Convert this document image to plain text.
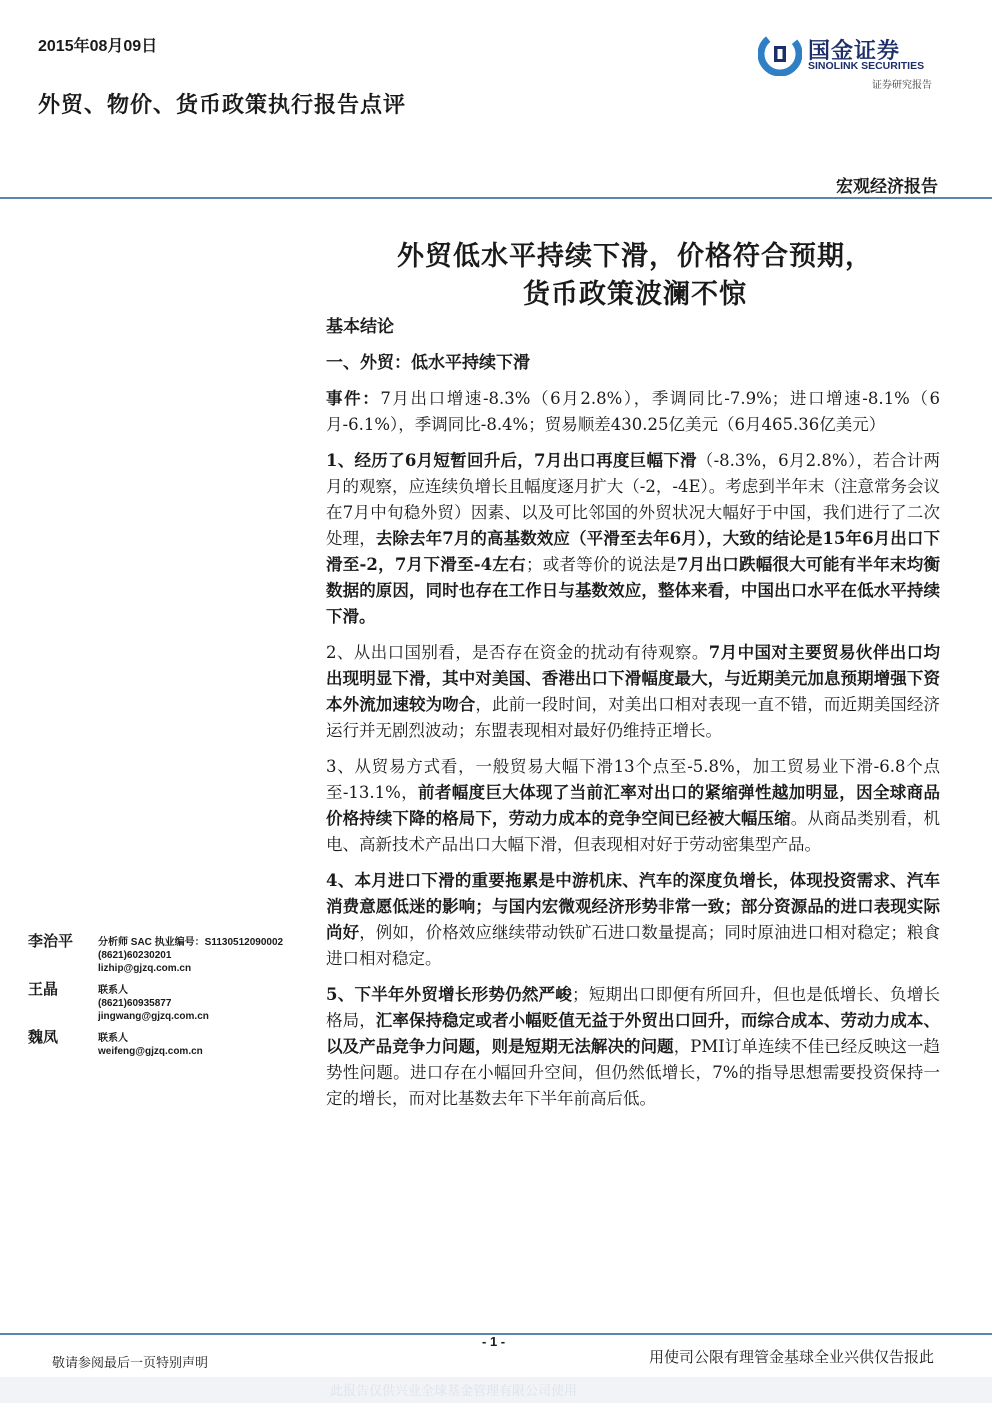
2015年08月09日
外贸、物价、货币政策执行报告点评
国金证券
SINOLINK SECURITIES
证券研究报告
宏观经济报告
外贸低水平持续下滑，价格符合预期，
货币政策波澜不惊
基本结论
一、外贸：低水平持续下滑

事件：7月出口增速-8.3%（6月2.8%），季调同比-7.9%；进口增速-8.1%（6月-6.1%），季调同比-8.4%；贸易顺差430.25亿美元（6月465.36亿美元）

1、经历了6月短暂回升后，7月出口再度巨幅下滑（-8.3%，6月2.8%），若合计两月的观察，应连续负增长且幅度逐月扩大（-2，-4E）。考虑到半年末（注意常务会议在7月中旬稳外贸）因素、以及可比邻国的外贸状况大幅好于中国，我们进行了二次处理，去除去年7月的高基数效应（平滑至去年6月），大致的结论是15年6月出口下滑至-2，7月下滑至-4左右；或者等价的说法是7月出口跌幅很大可能有半年末均衡数据的原因，同时也存在工作日与基数效应，整体来看，中国出口水平在低水平持续下滑。

2、从出口国别看，是否存在资金的扰动有待观察。7月中国对主要贸易伙伴出口均出现明显下滑，其中对美国、香港出口下滑幅度最大，与近期美元加息预期增强下资本外流加速较为吻合，此前一段时间，对美出口相对表现一直不错，而近期美国经济运行并无剧烈波动；东盟表现相对最好仍维持正增长。

3、从贸易方式看，一般贸易大幅下滑13个点至-5.8%，加工贸易业下滑-6.8个点至-13.1%，前者幅度巨大体现了当前汇率对出口的紧缩弹性越加明显，因全球商品价格持续下降的格局下，劳动力成本的竞争空间已经被大幅压缩。从商品类别看，机电、高新技术产品出口大幅下滑，但表现相对好于劳动密集型产品。

4、本月进口下滑的重要拖累是中游机床、汽车的深度负增长，体现投资需求、汽车消费意愿低迷的影响；与国内宏微观经济形势非常一致；部分资源品的进口表现实际尚好，例如，价格效应继续带动铁矿石进口数量提高；同时原油进口相对稳定；粮食进口相对稳定。

5、下半年外贸增长形势仍然严峻；短期出口即便有所回升，但也是低增长、负增长格局，汇率保持稳定或者小幅贬值无益于外贸出口回升，而综合成本、劳动力成本、以及产品竞争力问题，则是短期无法解决的问题，PMI订单连续不佳已经反映这一趋势性问题。进口存在小幅回升空间，但仍然低增长，7%的指导思想需要投资保持一定的增长，而对比基数去年下半年前高后低。

李治平 分析师 SAC 执业编号：S1130512090002
(8621)60230201
lizhip@gjzq.com.cn
王晶	联系人
(8621)60935877
jingwang@gjzq.com.cn
魏凤	联系人
weifeng@gjzq.com.cn
- 1 -
敬请参阅最后一页特别声明	用使司公限有理管金基球全业兴供仅告报此
此报告仅供兴业全球基金管理有限公司使用
